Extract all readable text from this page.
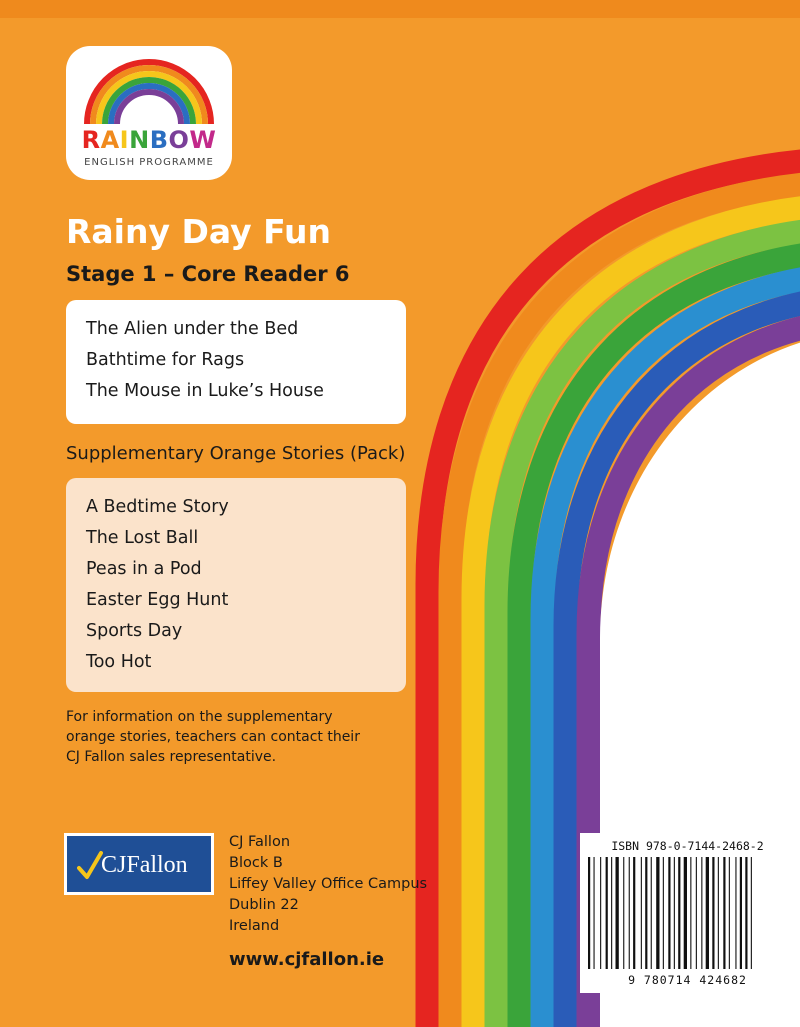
RAINBOW
ENGLISH PROGRAMME
Rainy Day Fun
Stage 1 – Core Reader 6
The Alien under the Bed
Bathtime for Rags
The Mouse in Luke’s House
Supplementary Orange Stories (Pack)
A Bedtime Story
The Lost Ball
Peas in a Pod
Easter Egg Hunt
Sports Day
Too Hot
For information on the supplementary
orange stories, teachers can contact their
CJ Fallon sales representative.
CJFallon
CJ Fallon
Block B
Liffey Valley Office Campus
Dublin 22
Ireland
www.cjfallon.ie
ISBN 978-0-7144-2468-2
9 780714 424682
